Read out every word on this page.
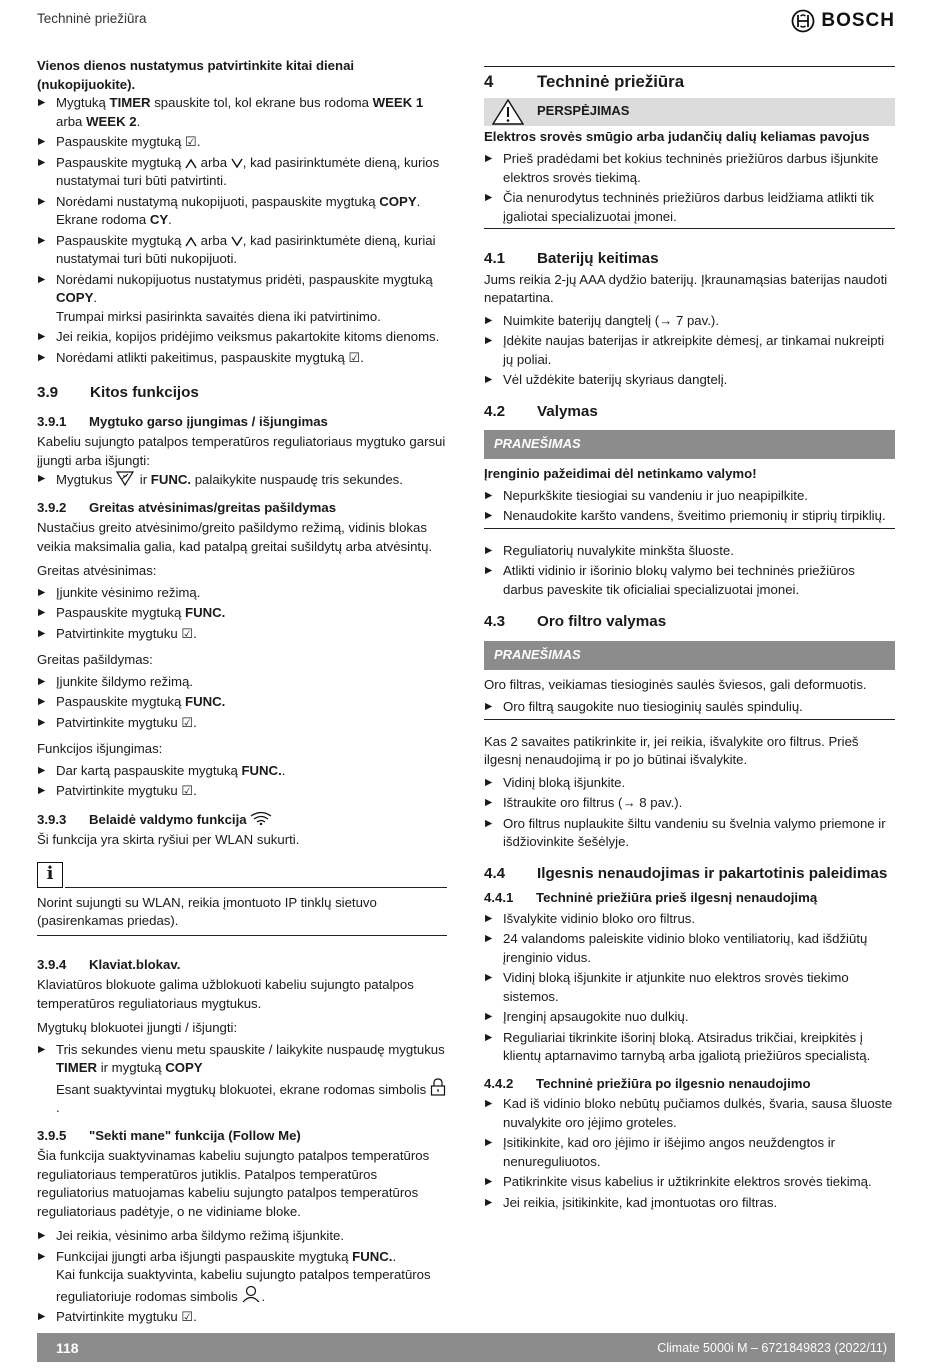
Techninė priežiūra	BOSCH

Vienos dienos nustatymus patvirtinkite kitai dienai (nukopijuokite).

▶ Mygtuką TIMER spauskite tol, kol ekrane bus rodoma WEEK 1 arba WEEK 2.
▶ Paspauskite mygtuką ☑.
▶ Paspauskite mygtuką  arba , kad pasirinktumėte dieną, kurios nustatymai turi būti patvirtinti.
▶ Norėdami nustatymą nukopijuoti, paspauskite mygtuką COPY.
Ekrane rodoma CY.
▶ Paspauskite mygtuką  arba , kad pasirinktumėte dieną, kuriai nustatymai turi būti nukopijuoti.
▶ Norėdami nukopijuotus nustatymus pridėti, paspauskite mygtuką COPY.
Trumpai mirksi pasirinkta savaitės diena iki patvirtinimo.
▶ Jei reikia, kopijos pridėjimo veiksmus pakartokite kitoms dienoms.
▶ Norėdami atlikti pakeitimus, paspauskite mygtuką ☑.
3.9	Kitos funkcijos
3.9.1	Mygtuko garso įjungimas / išjungimas

Kabeliu sujungto patalpos temperatūros reguliatoriaus mygtuko garsui įjungti arba išjungti:

▶ Mygtukus  ir FUNC. palaikykite nuspaudę tris sekundes.
3.9.2	Greitas atvėsinimas/greitas pašildymas

Nustačius greito atvėsinimo/greito pašildymo režimą, vidinis blokas veikia maksimalia galia, kad patalpą greitai sušildytų arba atvėsintų.

Greitas atvėsinimas:

▶ Įjunkite vėsinimo režimą.
▶ Paspauskite mygtuką FUNC.
▶ Patvirtinkite mygtuku ☑.

Greitas pašildymas:

▶ Įjunkite šildymo režimą.
▶ Paspauskite mygtuką FUNC.
▶ Patvirtinkite mygtuku ☑.

Funkcijos išjungimas:

▶ Dar kartą paspauskite mygtuką FUNC..
▶ Patvirtinkite mygtuku ☑.
3.9.3	Belaidė valdymo funkcija

Ši funkcija yra skirta ryšiui per WLAN sukurti.

i

Norint sujungti su WLAN, reikia įmontuoto IP tinklų sietuvo (pasirenkamas priedas).

3.9.4	Klaviat.blokav.

Klaviatūros blokuote galima užblokuoti kabeliu sujungto patalpos temperatūros reguliatoriaus mygtukus.

Mygtukų blokuotei įjungti / išjungti:

▶ Tris sekundes vienu metu spauskite / laikykite nuspaudę mygtukus TIMER ir mygtuką COPY
Esant suaktyvintai mygtukų blokuotei, ekrane rodomas simbolis .
3.9.5	"Sekti mane" funkcija (Follow Me)

Šia funkcija suaktyvinamas kabeliu sujungto patalpos temperatūros reguliatoriaus temperatūros jutiklis. Patalpos temperatūros reguliatorius matuojamas kabeliu sujungto patalpos temperatūros reguliatoriaus padėtyje, o ne vidiniame bloke.

▶ Jei reikia, vėsinimo arba šildymo režimą išjunkite.
▶ Funkcijai įjungti arba išjungti paspauskite mygtuką FUNC..
Kai funkcija suaktyvinta, kabeliu sujungto patalpos temperatūros reguliatoriuje rodomas simbolis .
▶ Patvirtinkite mygtuku ☑.
4	Techninė priežiūra
PERSPĖJIMAS

Elektros srovės smūgio arba judančių dalių keliamas pavojus

▶ Prieš pradėdami bet kokius techninės priežiūros darbus išjunkite elektros srovės tiekimą.
▶ Čia nenurodytus techninės priežiūros darbus leidžiama atlikti tik įgaliotai specializuotai įmonei.
4.1	Baterijų keitimas

Jums reikia 2-jų AAA dydžio baterijų. Įkraunamąsias baterijas naudoti nepatartina.

▶ Nuimkite baterijų dangtelį (→ 7 pav.).
▶ Įdėkite naujas baterijas ir atkreipkite dėmesį, ar tinkamai nukreipti jų poliai.
▶ Vėl uždėkite baterijų skyriaus dangtelį.
4.2	Valymas
PRANEŠIMAS

Įrenginio pažeidimai dėl netinkamo valymo!

▶ Nepurkškite tiesiogiai su vandeniu ir juo neapipilkite.
▶ Nenaudokite karšto vandens, šveitimo priemonių ir stiprių tirpiklių.
▶ Reguliatorių nuvalykite minkšta šluoste.
▶ Atlikti vidinio ir išorinio blokų valymo bei techninės priežiūros darbus paveskite tik oficialiai specializuotai įmonei.
4.3	Oro filtro valymas
PRANEŠIMAS

Oro filtras, veikiamas tiesioginės saulės šviesos, gali deformuotis.

▶ Oro filtrą saugokite nuo tiesioginių saulės spindulių.

Kas 2 savaites patikrinkite ir, jei reikia, išvalykite oro filtrus. Prieš ilgesnį nenaudojimą ir po jo būtinai išvalykite.

▶ Vidinį bloką išjunkite.
▶ Ištraukite oro filtrus (→ 8 pav.).
▶ Oro filtrus nuplaukite šiltu vandeniu su švelnia valymo priemone ir išdžiovinkite šešėlyje.
4.4	Ilgesnis nenaudojimas ir pakartotinis paleidimas
4.4.1	Techninė priežiūra prieš ilgesnį nenaudojimą
▶ Išvalykite vidinio bloko oro filtrus.
▶ 24 valandoms paleiskite vidinio bloko ventiliatorių, kad išdžiūtų įrenginio vidus.
▶ Vidinį bloką išjunkite ir atjunkite nuo elektros srovės tiekimo sistemos.
▶ Įrenginį apsaugokite nuo dulkių.
▶ Reguliariai tikrinkite išorinį bloką. Atsiradus trikčiai, kreipkitės į klientų aptarnavimo tarnybą arba įgaliotą priežiūros specialistą.
4.4.2	Techninė priežiūra po ilgesnio nenaudojimo
▶ Kad iš vidinio bloko nebūtų pučiamos dulkės, švaria, sausa šluoste nuvalykite oro įėjimo groteles.
▶ Įsitikinkite, kad oro įėjimo ir išėjimo angos neuždengtos ir nenureguliuotos.
▶ Patikrinkite visus kabelius ir užtikrinkite elektros srovės tiekimą.
▶ Jei reikia, įsitikinkite, kad įmontuotas oro filtras.
118	Climate 5000i M – 6721849823 (2022/11)
